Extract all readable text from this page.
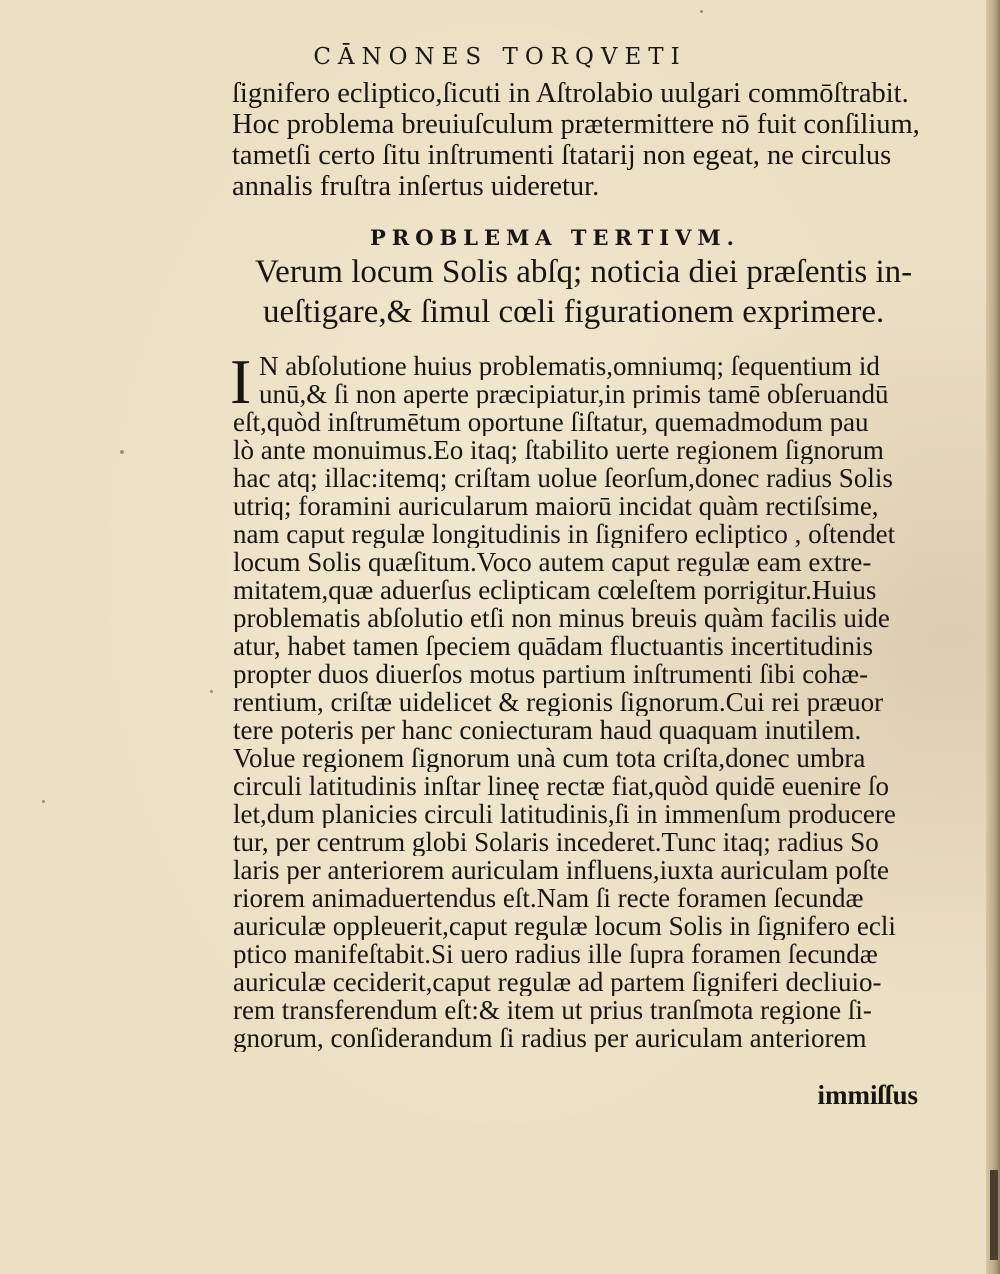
CĀNONES TORQVETI
ſignifero ecliptico,ſicuti in Aſtrolabio uulgari commōſtrabit.
Hoc problema breuiuſculum prætermittere nō fuit conſilium,
tametſi certo ſitu inſtrumenti ſtatarij non egeat, ne circulus
annalis fruſtra inſertus uideretur.
PROBLEMA TERTIVM.
Verum locum Solis abſq; noticia diei præſentis in-
ueſtigare,& ſimul cœli figurationem exprimere.
I N abſolutione huius problematis,omniumq; ſequentium id
unū,& ſi non aperte præcipiatur,in primis tamē obſeruandū
eſt,quòd inſtrumētum oportune ſiſtatur, quemadmodum pau
lò ante monuimus.Eo itaq; ſtabilito uerte regionem ſignorum
hac atq; illac:itemq; criſtam uolue ſeorſum,donec radius Solis
utriq; foramini auricularum maiorū incidat quàm rectiſsime,
nam caput regulæ longitudinis in ſignifero ecliptico , oſtendet
locum Solis quæſitum.Voco autem caput regulæ eam extre-
mitatem,quæ aduerſus eclipticam cœleſtem porrigitur.Huius
problematis abſolutio etſi non minus breuis quàm facilis uide
atur, habet tamen ſpeciem quādam fluctuantis incertitudinis
propter duos diuerſos motus partium inſtrumenti ſibi cohæ-
rentium, criſtæ uidelicet & regionis ſignorum.Cui rei præuor
tere poteris per hanc coniecturam haud quaquam inutilem.
Volue regionem ſignorum unà cum tota criſta,donec umbra
circuli latitudinis inſtar lineę rectæ fiat,quòd quidē euenire ſo
let,dum planicies circuli latitudinis,ſi in immenſum producere
tur, per centrum globi Solaris incederet.Tunc itaq; radius So
laris per anteriorem auriculam influens,iuxta auriculam poſte
riorem animaduertendus eſt.Nam ſi recte foramen ſecundæ
auriculæ oppleuerit,caput regulæ locum Solis in ſignifero ecli
ptico manifeſtabit.Si uero radius ille ſupra foramen ſecundæ
auriculæ ceciderit,caput regulæ ad partem ſigniferi decliuio-
rem transferendum eſt:& item ut prius tranſmota regione ſi-
gnorum, conſiderandum ſi radius per auriculam anteriorem
immiſſus
